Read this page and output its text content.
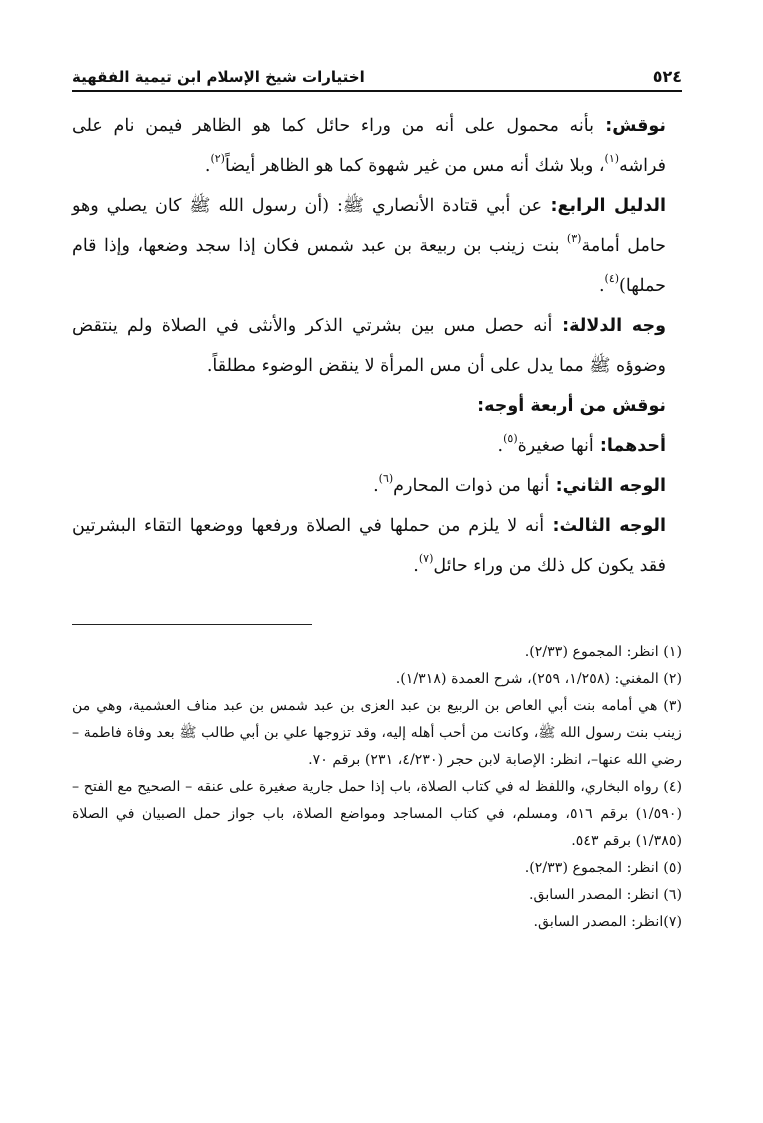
٥٢٤
اختيارات شيخ الإسلام ابن تيمية الفقهية

نوقش: بأنه محمول على أنه من وراء حائل كما هو الظاهر فيمن نام على فراشه$^{(١)}$، وبلا شك أنه مس من غير شهوة كما هو الظاهر أيضاً$^{(٢)}$.

الدليل الرابع: عن أبي قتادة الأنصاري ﷺ: (أن رسول الله ﷺ كان يصلي وهو حامل أمامة$^{(٣)}$ بنت زينب بن ربيعة بن عبد شمس فكان إذا سجد وضعها، وإذا قام حملها)$^{(٤)}$.

وجه الدلالة: أنه حصل مس بين بشرتي الذكر والأنثى في الصلاة ولم ينتقض وضوؤه ﷺ مما يدل على أن مس المرأة لا ينقض الوضوء مطلقاً.

نوقش من أربعة أوجه:

أحدهما: أنها صغيرة$^{(٥)}$.

الوجه الثاني: أنها من ذوات المحارم$^{(٦)}$.

الوجه الثالث: أنه لا يلزم من حملها في الصلاة ورفعها ووضعها التقاء البشرتين فقد يكون كل ذلك من وراء حائل$^{(٧)}$.

(١) انظر: المجموع (٢/٣٣).

(٢) المغني: (١/٢٥٨، ٢٥٩)، شرح العمدة (١/٣١٨).

(٣) هي أمامه بنت أبي العاص بن الربيع بن عبد العزى بن عبد شمس بن عبد مناف العشمية، وهي من زينب بنت رسول الله ﷺ، وكانت من أحب أهله إليه، وقد تزوجها علي بن أبي طالب ﷺ بعد وفاة فاطمة – رضي الله عنها–، انظر: الإصابة لابن حجر (٤/٢٣٠، ٢٣١) برقم ٧٠.

(٤) رواه البخاري، واللفظ له في كتاب الصلاة، باب إذا حمل جارية صغيرة على عنقه – الصحيح مع الفتح – (١/٥٩٠) برقم ٥١٦، ومسلم، في كتاب المساجد ومواضع الصلاة، باب جواز حمل الصبيان في الصلاة (١/٣٨٥) برقم ٥٤٣.

(٥) انظر: المجموع (٢/٣٣).

(٦) انظر: المصدر السابق.

(٧)انظر: المصدر السابق.
